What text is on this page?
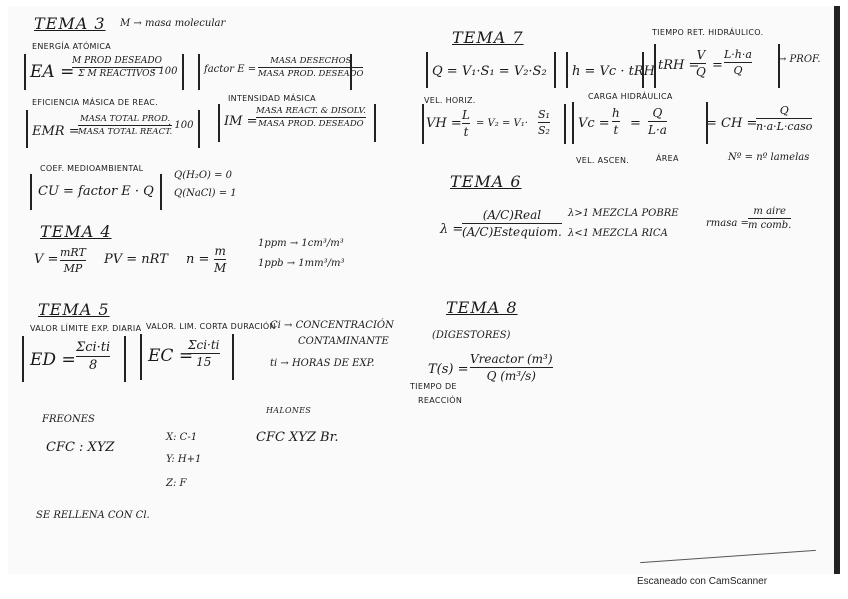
TEMA 3 M → masa molecular
ENERGÍA ATÓMICA
EA =
M PROD DESEADO
Σ M REACTIVOS
· 100	factor E =
MASA DESECHOS
MASA PROD. DESEADO
EFICIENCIA MÁSICA DE REAC.
EMR =
MASA TOTAL PROD.
MASA TOTAL REACT.
· 100
INTENSIDAD MÁSICA
IM =
MASA REACT. & DISOLV.
MASA PROD. DESEADO
COEF. MEDIOAMBIENTAL
CU = factor E · Q
Q(H₂O) = 0
Q(NaCl) = 1
TEMA 4
V = mRT
MP
PV = nRT n =
m
M
1ppm → 1cm³/m³
1ppb → 1mm³/m³
TEMA 5
VALOR LÍMITE EXP. DIARIA
ED =
Σci·ti
8
VALOR. LIM. CORTA DURACIÓN
EC =
Σci·ti
15
Ci → CONCENTRACIÓN
CONTAMINANTE
ti → HORAS DE EXP.
FREONES
CFC : XYZ
X: C-1
Y: H+1
Z: F
SE RELLENA CON Cl.
HALONES
CFC XYZ Br.
TEMA 7	TIEMPO RET. HIDRÁULICO.
Q = V₁·S₁ = V₂·S₂ h = Vc · tRH tRH =
V
Q =
L·h·a
Q
→ PROF.
VEL. HORIZ.
VH =
L
t
= V₂ = V₁·
S₁
S₂
CARGA HIDRÁULICA
Vc =
h
t =
Q
L·a	= CH =
Q
n·a·L·caso
VEL. ASCEN.	ÁREA	Nº = nº lamelas
TEMA 6
λ =
(A/C)Real
(A/C)Estequiom.
λ>1 MEZCLA POBRE
λ<1 MEZCLA RICA
rmasa =
m aire
m comb.
TEMA 8
(DIGESTORES)
T(s) =
Vreactor (m³)
Q (m³/s)
TIEMPO DE
REACCIÓN
Escaneado con CamScanner
